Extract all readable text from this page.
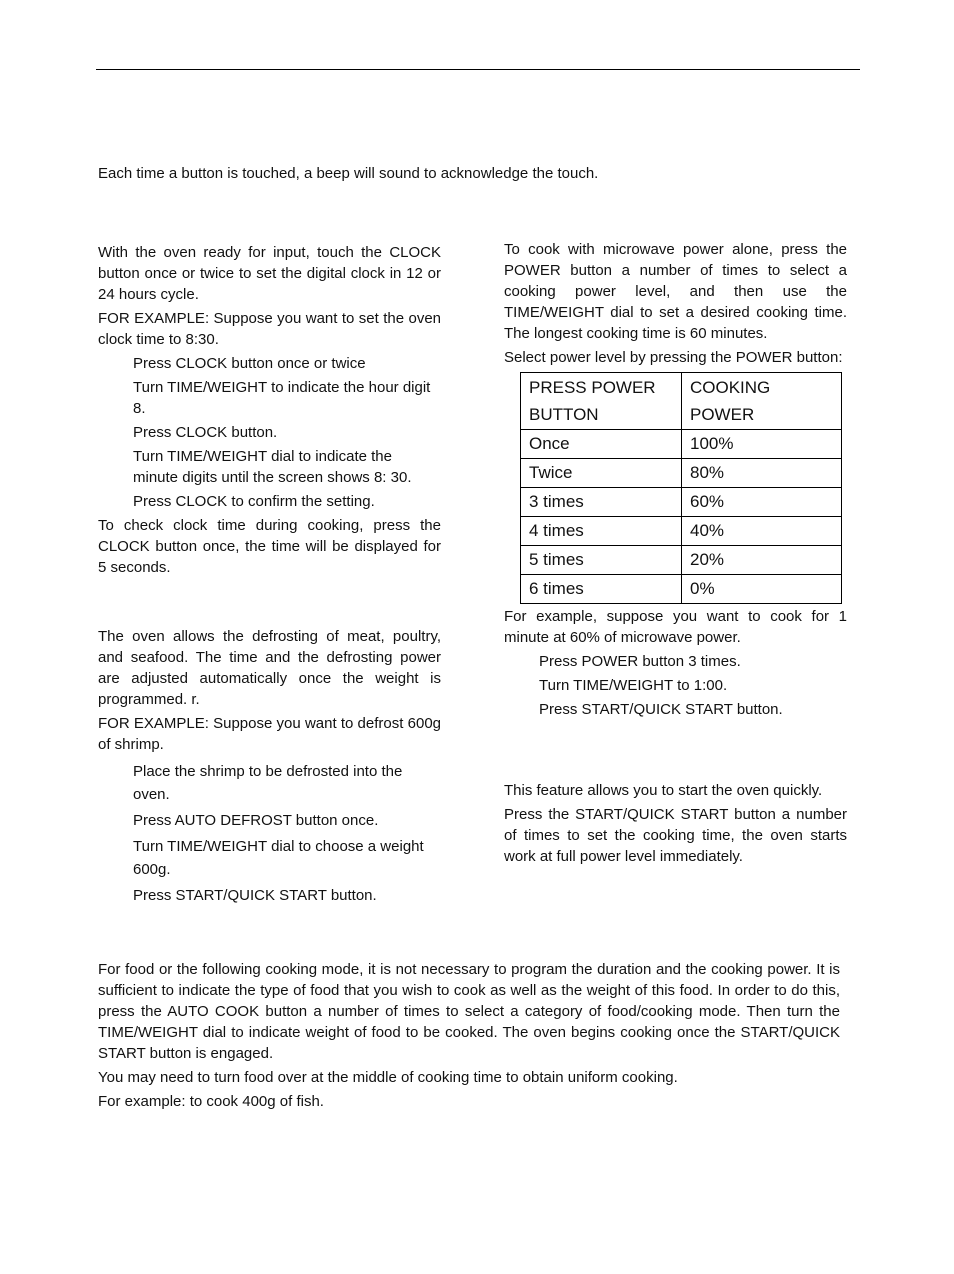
Each time a button is touched, a beep will sound to acknowledge the touch.

With the oven ready for input, touch the CLOCK button once or twice to set the digital clock in 12 or 24 hours cycle.

FOR EXAMPLE: Suppose you want to set the oven clock time to 8:30.

Press CLOCK button once or twice

Turn TIME/WEIGHT to indicate the hour digit 8.

Press CLOCK button.

Turn TIME/WEIGHT dial to indicate the minute digits until the screen shows 8: 30.

Press CLOCK to confirm the setting.

To check clock time during cooking, press the CLOCK button once, the time will be displayed for 5 seconds.

The oven allows the defrosting of meat, poultry, and seafood. The time and the defrosting power are adjusted automatically once the weight is programmed. r.

FOR EXAMPLE: Suppose you want to defrost 600g of shrimp.

Place the shrimp to be defrosted into the oven.

Press AUTO DEFROST button once.

Turn TIME/WEIGHT dial to choose a weight 600g.

Press START/QUICK START button.

To cook with microwave power alone, press the POWER button a number of times to select a cooking power level, and then use the TIME/WEIGHT dial to set a desired cooking time. The longest cooking time is 60 minutes.

Select power level by pressing the POWER button:

PRESS POWER BUTTON	COOKING POWER
Once	100%
Twice	80%
3 times	60%
4 times	40%
5 times	20%
6 times	0%

For example, suppose you want to cook for 1 minute at 60% of microwave power.

Press POWER button 3 times.

Turn TIME/WEIGHT to 1:00.

Press START/QUICK START button.

This feature allows you to start the oven quickly.

Press the START/QUICK START button a number of times to set the cooking time, the oven starts work at full power level immediately.

For food or the following cooking mode, it is not necessary to program the duration and the cooking power. It is sufficient to indicate the type of food that you wish to cook as well as the weight of this food. In order to do this, press the AUTO COOK button a number of times to select a category of food/cooking mode. Then turn the TIME/WEIGHT dial to indicate weight of food to be cooked. The oven begins cooking once the START/QUICK START button is engaged.

You may need to turn food over at the middle of cooking time to obtain uniform cooking.

For example: to cook 400g of fish.
